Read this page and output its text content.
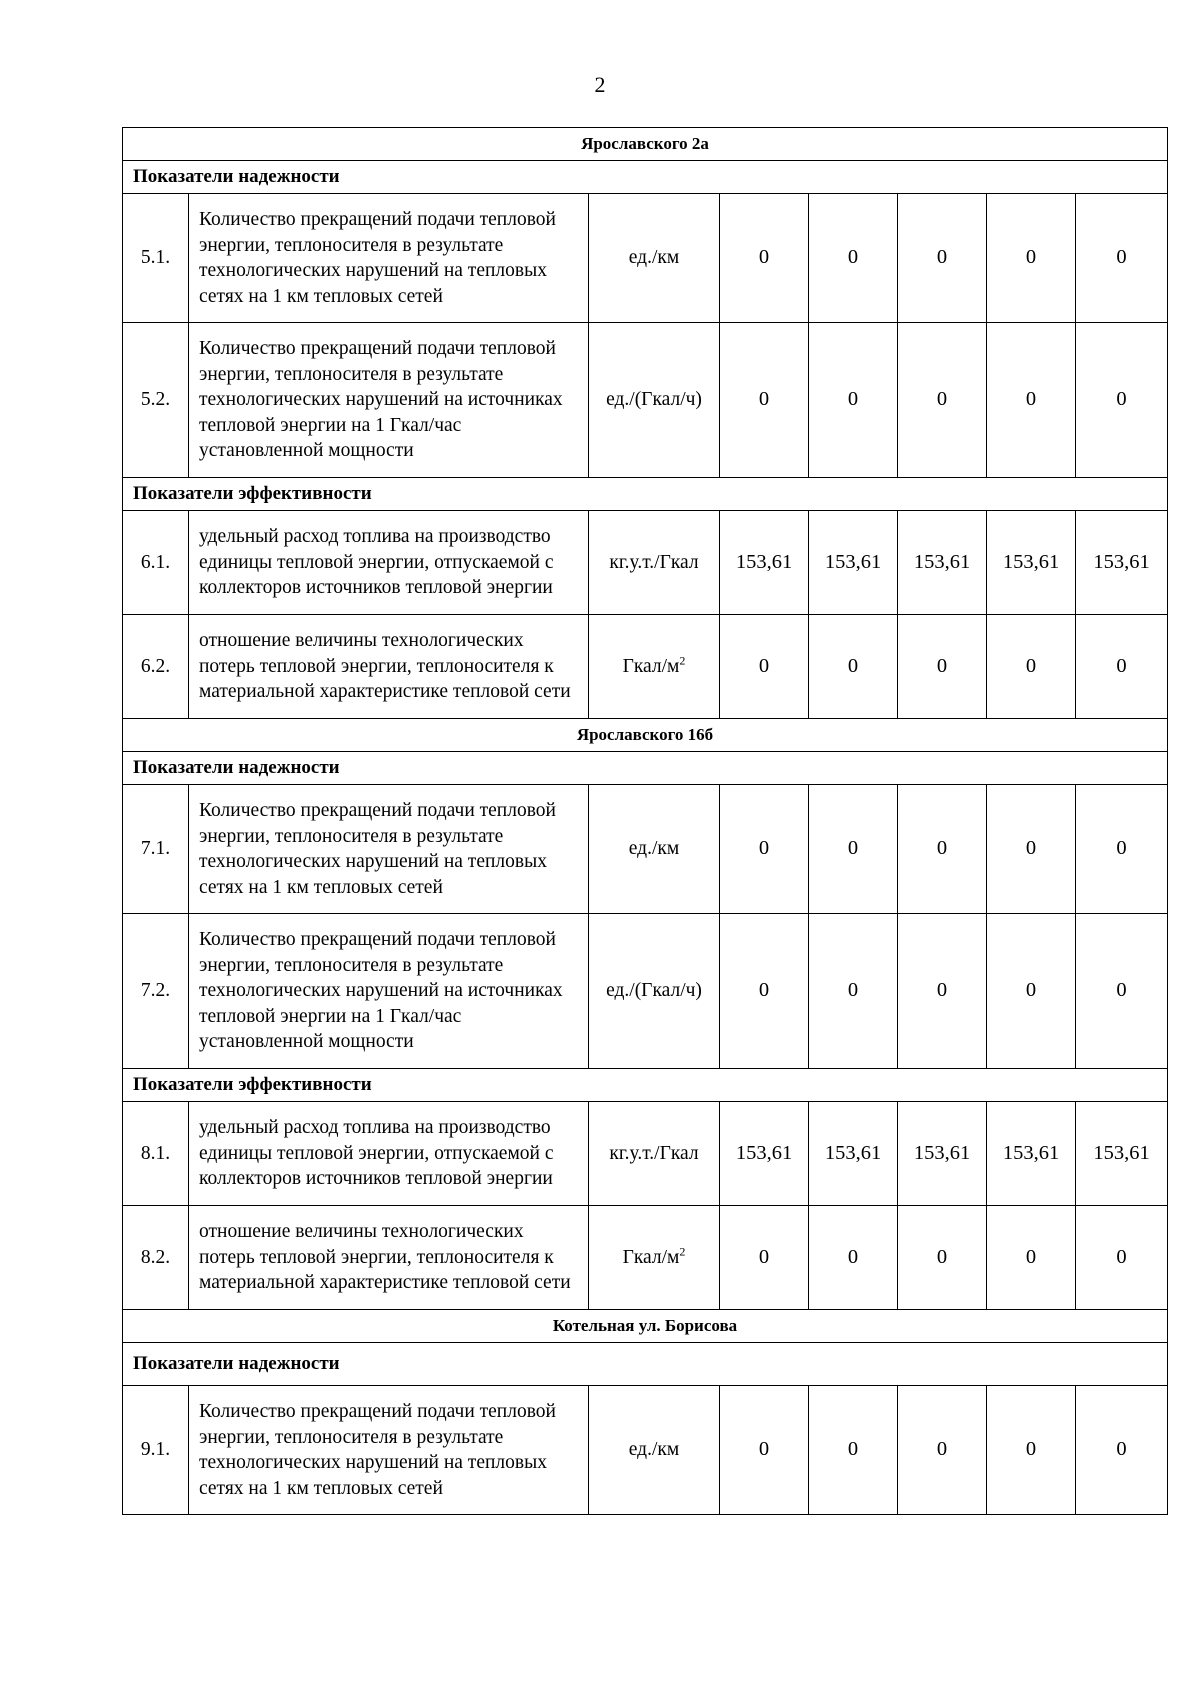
2
Ярославского 2а							
Показатели надежности							
5.1.	Количество прекращений подачи тепловой энергии, теплоносителя в результате технологических нарушений на тепловых сетях на 1 км тепловых сетей	ед./км	0	0	0	0	0
5.2.	Количество прекращений подачи тепловой энергии, теплоносителя в результате технологических нарушений на источниках тепловой энергии на 1 Гкал/час установленной мощности	ед./(Гкал/ч)	0	0	0	0	0
Показатели эффективности							
6.1.	удельный расход топлива на производство единицы тепловой энергии, отпускаемой с коллекторов источников тепловой энергии	кг.у.т./Гкал	153,61	153,61	153,61	153,61	153,61
6.2.	отношение величины технологических потерь тепловой энергии, теплоносителя к материальной характеристике тепловой сети	Гкал/$м^2$	0	0	0	0	0
Ярославского 16б							
Показатели надежности							
7.1.	Количество прекращений подачи тепловой энергии, теплоносителя в результате технологических нарушений на тепловых сетях на 1 км тепловых сетей	ед./км	0	0	0	0	0
7.2.	Количество прекращений подачи тепловой энергии, теплоносителя в результате технологических нарушений на источниках тепловой энергии на 1 Гкал/час установленной мощности	ед./(Гкал/ч)	0	0	0	0	0
Показатели эффективности							
8.1.	удельный расход топлива на производство единицы тепловой энергии, отпускаемой с коллекторов источников тепловой энергии	кг.у.т./Гкал	153,61	153,61	153,61	153,61	153,61
8.2.	отношение величины технологических потерь тепловой энергии, теплоносителя к материальной характеристике тепловой сети	Гкал/$м^2$	0	0	0	0	0
Котельная ул. Борисова							
Показатели надежности							
9.1.	Количество прекращений подачи тепловой энергии, теплоносителя в результате технологических нарушений на тепловых сетях на 1 км тепловых сетей	ед./км	0	0	0	0	0
